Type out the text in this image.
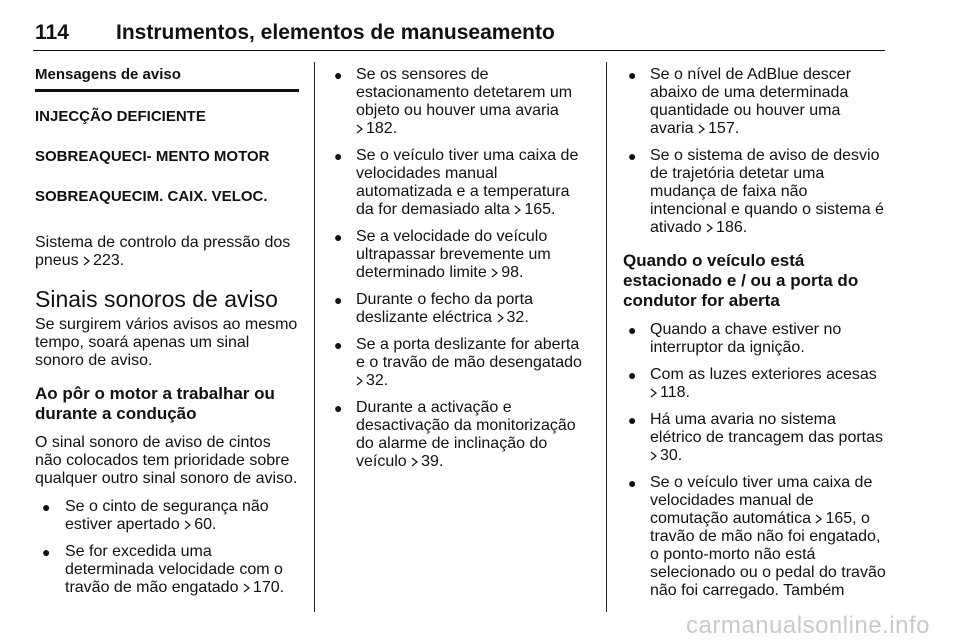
114 Instrumentos, elementos de manuseamento
Mensagens de aviso
INJECÇÃO DEFICIENTE
SOBREAQUECI- MENTO MOTOR
SOBREAQUECIM. CAIX. VELOC.

Sistema de controlo da pressão dos pneus 223.

Sinais sonoros de aviso

Se surgirem vários avisos ao mesmo tempo, soará apenas um sinal sonoro de aviso.

Ao pôr o motor a trabalhar ou durante a condução

O sinal sonoro de aviso de cintos não colocados tem prioridade sobre qualquer outro sinal sonoro de aviso.

● Se o cinto de segurança não estiver apertado 60.
● Se for excedida uma determinada velocidade com o travão de mão engatado 170.
● Se os sensores de estacionamento detetarem um objeto ou houver uma avaria 182.
● Se o veículo tiver uma caixa de velocidades manual automatizada e a temperatura da for demasiado alta 165.
● Se a velocidade do veículo ultrapassar brevemente um determinado limite 98.
● Durante o fecho da porta deslizante eléctrica 32.
● Se a porta deslizante for aberta e o travão de mão desengatado 32.
● Durante a activação e desactivação da monitorização do alarme de inclinação do veículo 39.
● Se o nível de AdBlue descer abaixo de uma determinada quantidade ou houver uma avaria 157.
● Se o sistema de aviso de desvio de trajetória detetar uma mudança de faixa não intencional e quando o sistema é ativado 186.
Quando o veículo está estacionado e / ou a porta do condutor for aberta
● Quando a chave estiver no interruptor da ignição.
● Com as luzes exteriores acesas 118.
● Há uma avaria no sistema elétrico de trancagem das portas 30.
● Se o veículo tiver uma caixa de velocidades manual de comutação automática 165, o travão de mão não foi engatado, o ponto-morto não está selecionado ou o pedal do travão não foi carregado. Também
carmanualsonline.info
